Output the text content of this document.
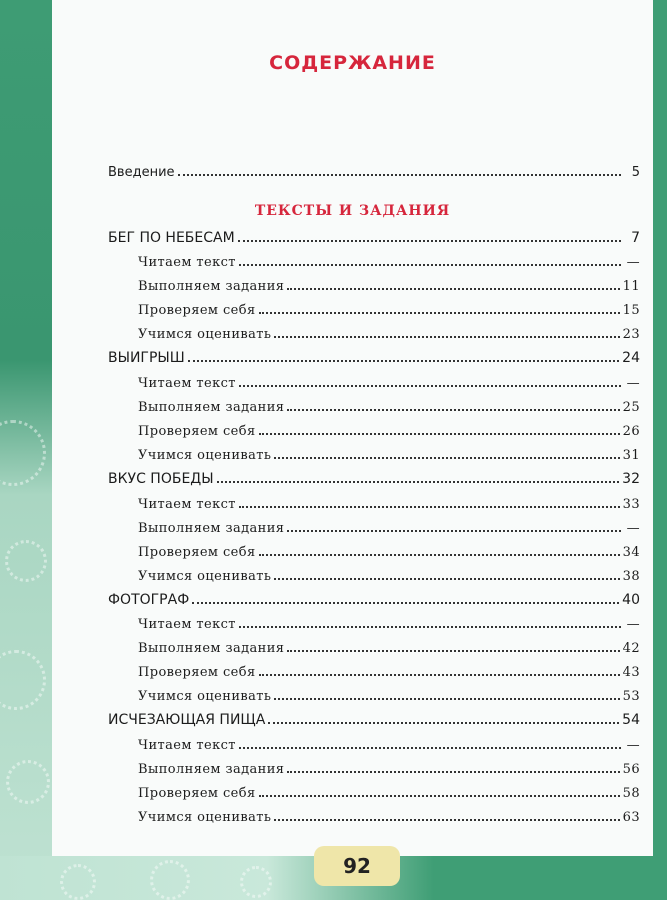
СОДЕРЖАНИЕ
Введение	5
ТЕКСТЫ И ЗАДАНИЯ
БЕГ ПО НЕБЕСАМ	7
Читаем текст	—
Выполняем задания	11
Проверяем себя	15
Учимся оценивать	23
ВЫИГРЫШ	24
Читаем текст	—
Выполняем задания	25
Проверяем себя	26
Учимся оценивать	31
ВКУС ПОБЕДЫ	32
Читаем текст	33
Выполняем задания	—
Проверяем себя	34
Учимся оценивать	38
ФОТОГРАФ	40
Читаем текст	—
Выполняем задания	42
Проверяем себя	43
Учимся оценивать	53
ИСЧЕЗАЮЩАЯ ПИЩА	54
Читаем текст	—
Выполняем задания	56
Проверяем себя	58
Учимся оценивать	63
92
